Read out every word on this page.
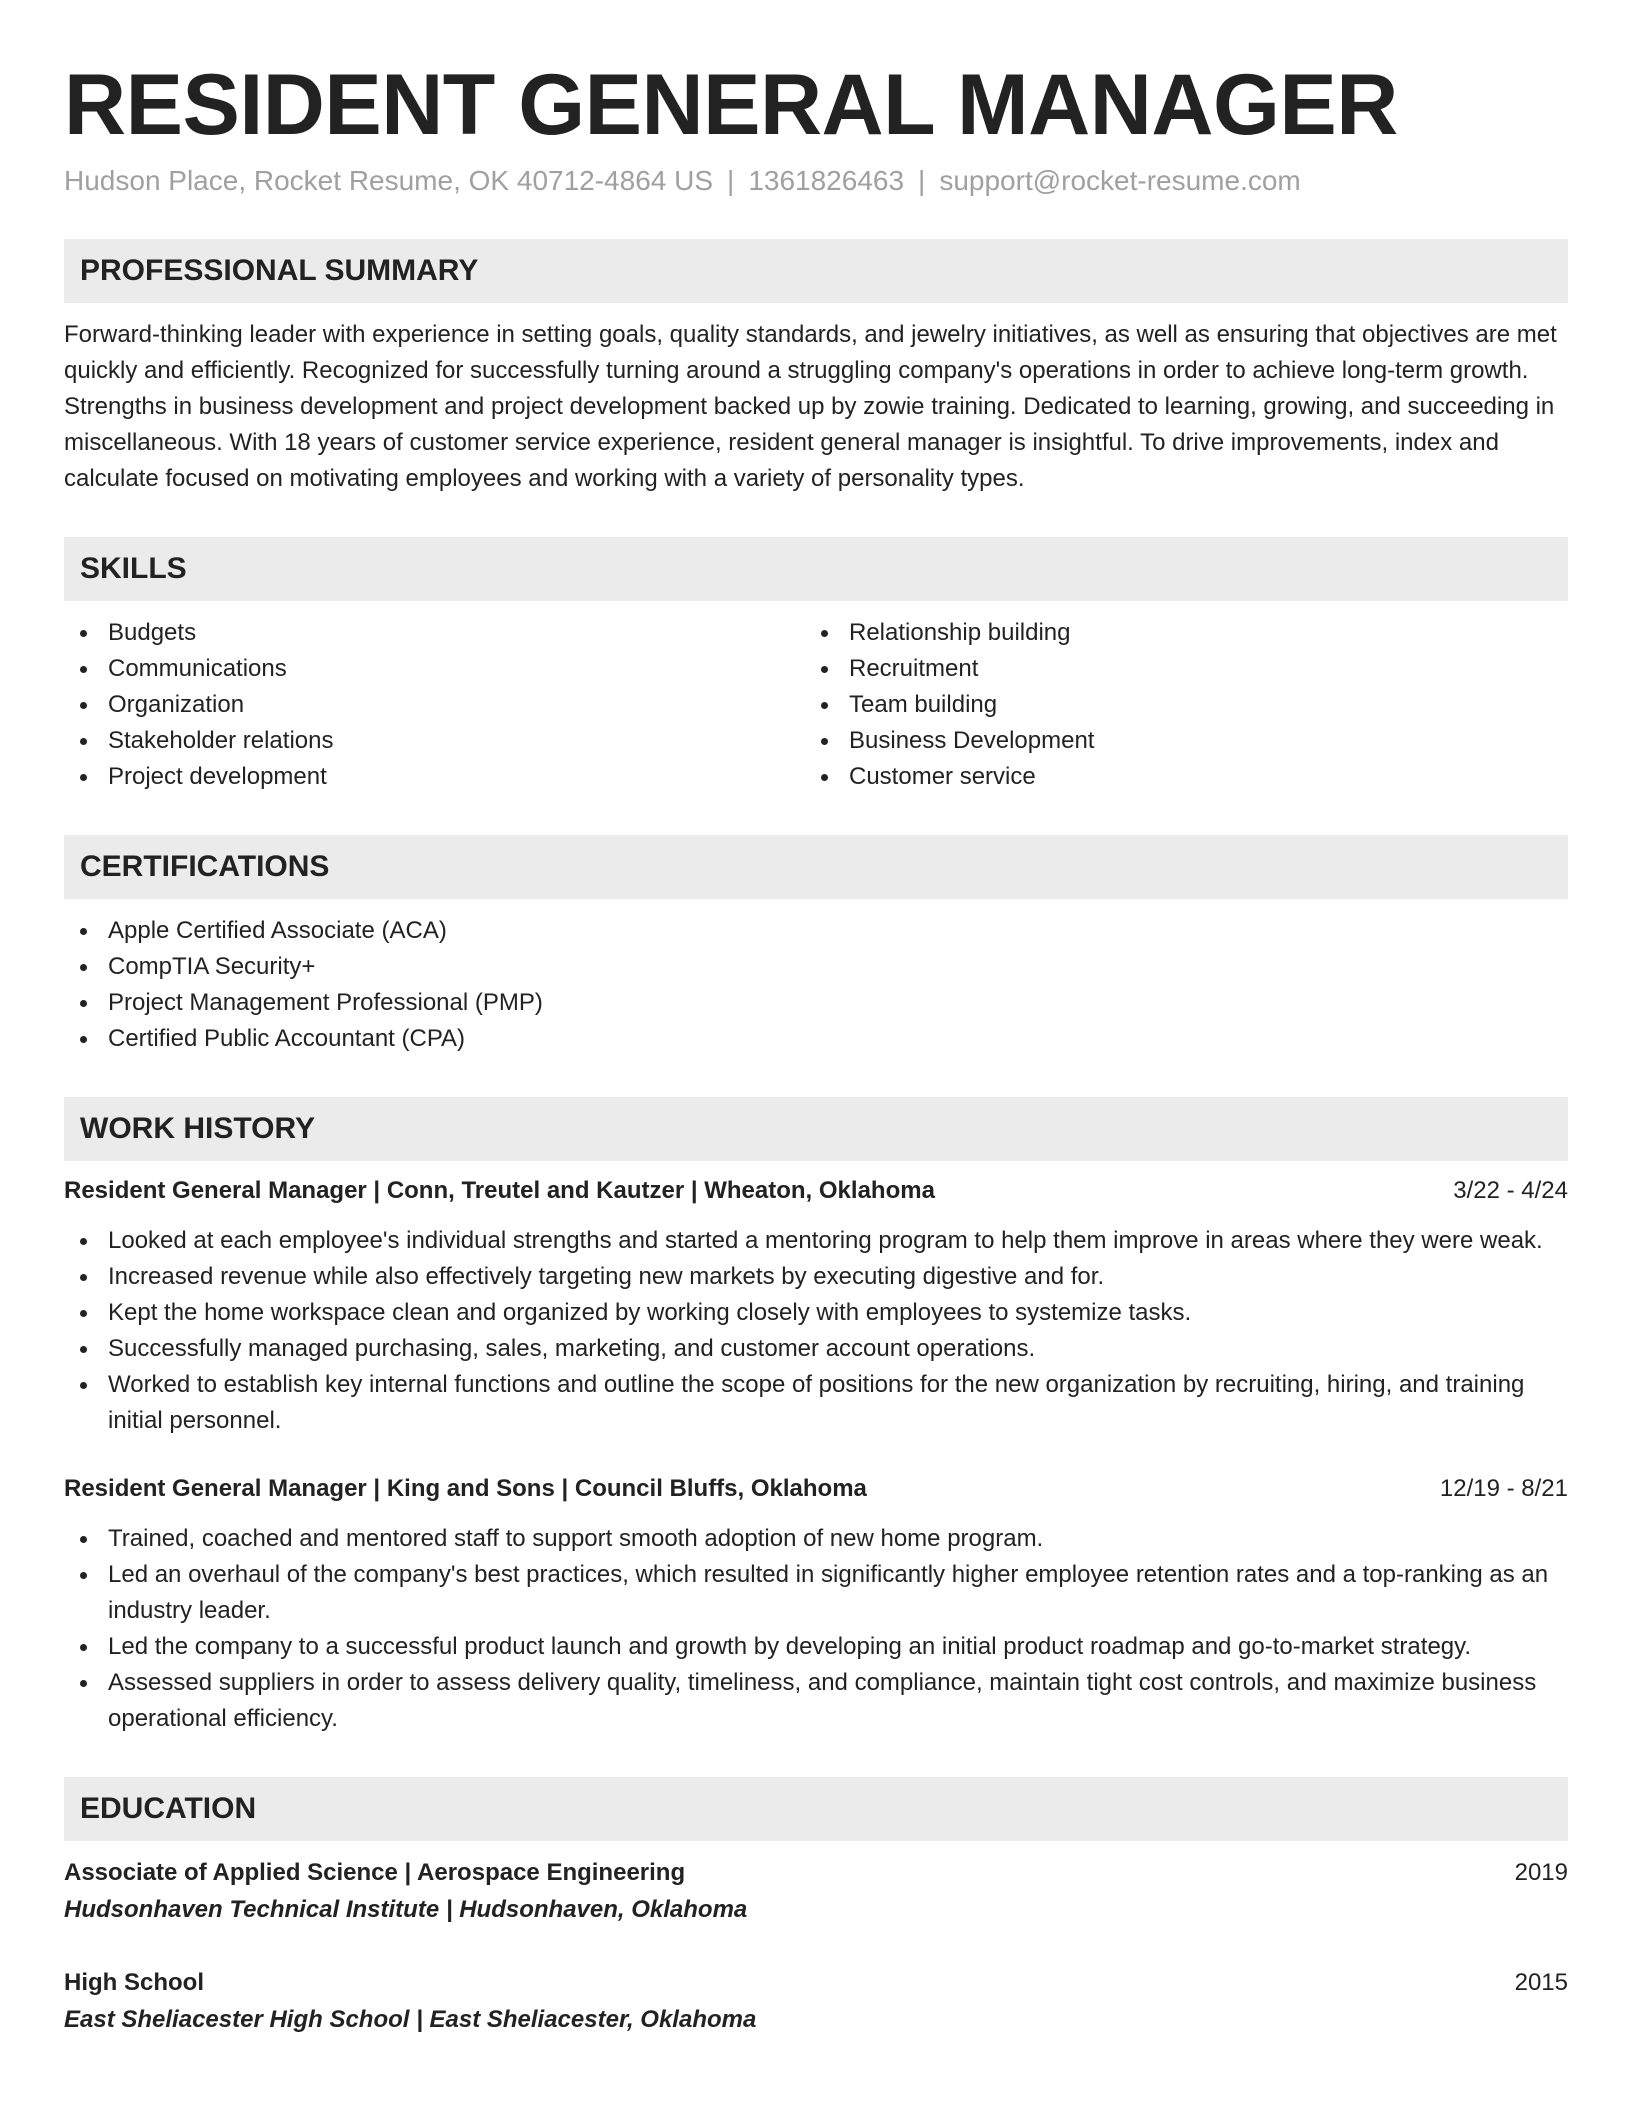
RESIDENT GENERAL MANAGER
Hudson Place, Rocket Resume, OK 40712-4864 US | 1361826463 | support@rocket-resume.com
PROFESSIONAL SUMMARY

Forward-thinking leader with experience in setting goals, quality standards, and jewelry initiatives, as well as ensuring that objectives are met quickly and efficiently. Recognized for successfully turning around a struggling company's operations in order to achieve long-term growth. Strengths in business development and project development backed up by zowie training. Dedicated to learning, growing, and succeeding in miscellaneous. With 18 years of customer service experience, resident general manager is insightful. To drive improvements, index and calculate focused on motivating employees and working with a variety of personality types.

SKILLS
Budgets
Communications
Organization
Stakeholder relations
Project development
Relationship building
Recruitment
Team building
Business Development
Customer service
CERTIFICATIONS
Apple Certified Associate (ACA)
CompTIA Security+
Project Management Professional (PMP)
Certified Public Accountant (CPA)
WORK HISTORY
Resident General Manager | Conn, Treutel and Kautzer | Wheaton, Oklahoma	3/22 - 4/24
Looked at each employee's individual strengths and started a mentoring program to help them improve in areas where they were weak.
Increased revenue while also effectively targeting new markets by executing digestive and for.
Kept the home workspace clean and organized by working closely with employees to systemize tasks.
Successfully managed purchasing, sales, marketing, and customer account operations.
Worked to establish key internal functions and outline the scope of positions for the new organization by recruiting, hiring, and training initial personnel.
Resident General Manager | King and Sons | Council Bluffs, Oklahoma	12/19 - 8/21
Trained, coached and mentored staff to support smooth adoption of new home program.
Led an overhaul of the company's best practices, which resulted in significantly higher employee retention rates and a top-ranking as an industry leader.
Led the company to a successful product launch and growth by developing an initial product roadmap and go-to-market strategy.
Assessed suppliers in order to assess delivery quality, timeliness, and compliance, maintain tight cost controls, and maximize business operational efficiency.
EDUCATION
Associate of Applied Science | Aerospace Engineering	2019
Hudsonhaven Technical Institute | Hudsonhaven, Oklahoma
High School	2015
East Sheliacester High School | East Sheliacester, Oklahoma
